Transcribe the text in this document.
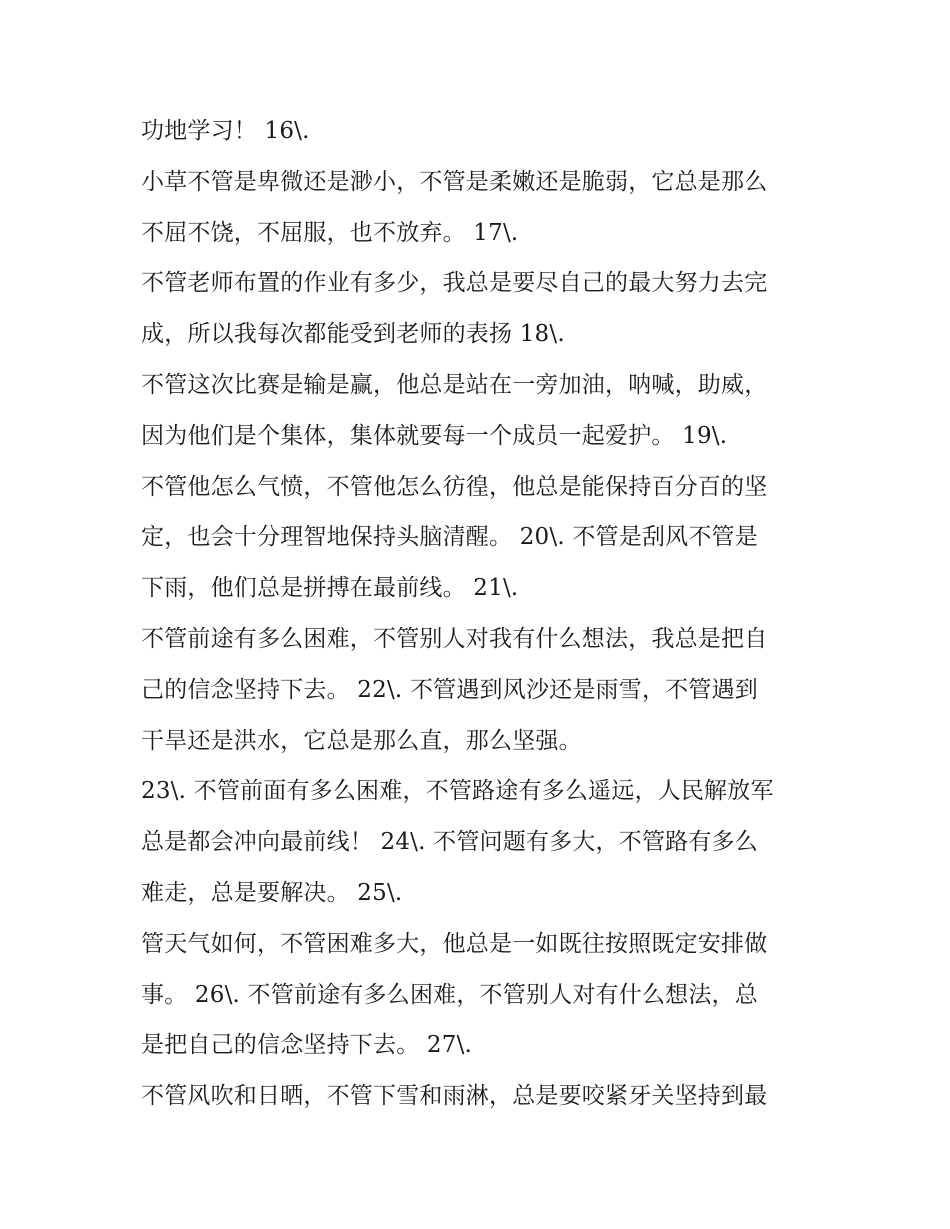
功地学习！ 16\.
小草不管是卑微还是渺小，不管是柔嫩还是脆弱，它总是那么
不屈不饶，不屈服，也不放弃。 17\.
不管老师布置的作业有多少，我总是要尽自己的最大努力去完
成，所以我每次都能受到老师的表扬 18\.
不管这次比赛是输是赢，他总是站在一旁加油，呐喊，助威，
因为他们是个集体，集体就要每一个成员一起爱护。 19\.
不管他怎么气愤，不管他怎么彷徨，他总是能保持百分百的坚
定，也会十分理智地保持头脑清醒。 20\. 不管是刮风不管是
下雨，他们总是拼搏在最前线。 21\.
不管前途有多么困难，不管别人对我有什么想法，我总是把自
己的信念坚持下去。 22\. 不管遇到风沙还是雨雪，不管遇到
干旱还是洪水，它总是那么直，那么坚强。
23\. 不管前面有多么困难，不管路途有多么遥远，人民解放军
总是都会冲向最前线！ 24\. 不管问题有多大，不管路有多么
难走，总是要解决。 25\.
管天气如何，不管困难多大，他总是一如既往按照既定安排做
事。 26\. 不管前途有多么困难，不管别人对有什么想法，总
是把自己的信念坚持下去。 27\.
不管风吹和日晒，不管下雪和雨淋，总是要咬紧牙关坚持到最
